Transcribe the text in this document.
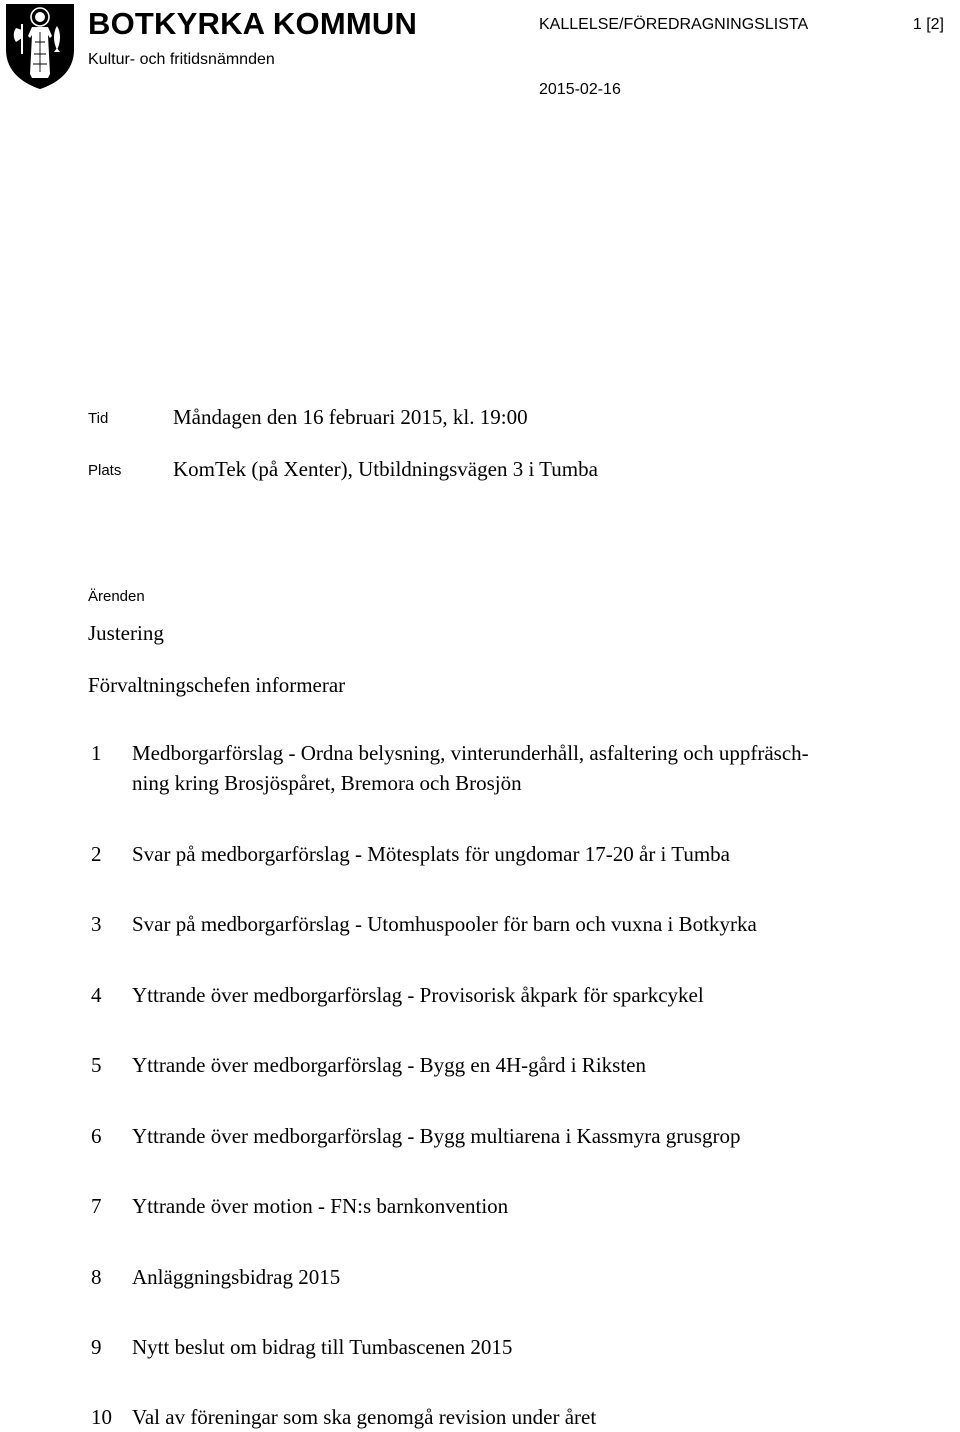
BOTKYRKA KOMMUN
Kultur- och fritidsnämnden
KALLELSE/FÖREDRAGNINGSLISTA	1 [2]
2015-02-16
Tid	Måndagen den 16 februari 2015, kl. 19:00
Plats KomTek (på Xenter), Utbildningsvägen 3 i Tumba
Ärenden
Justering
Förvaltningschefen informerar
1 Medborgarförslag - Ordna belysning, vinterunderhåll, asfaltering och uppfräsch-
ning kring Brosjöspåret, Bremora och Brosjön
2 Svar på medborgarförslag - Mötesplats för ungdomar 17-20 år i Tumba
3 Svar på medborgarförslag - Utomhuspooler för barn och vuxna i Botkyrka
4 Yttrande över medborgarförslag - Provisorisk åkpark för sparkcykel
5 Yttrande över medborgarförslag - Bygg en 4H-gård i Riksten
6 Yttrande över medborgarförslag - Bygg multiarena i Kassmyra grusgrop
7 Yttrande över motion - FN:s barnkonvention
8 Anläggningsbidrag 2015
9 Nytt beslut om bidrag till Tumbascenen 2015
10 Val av föreningar som ska genomgå revision under året
